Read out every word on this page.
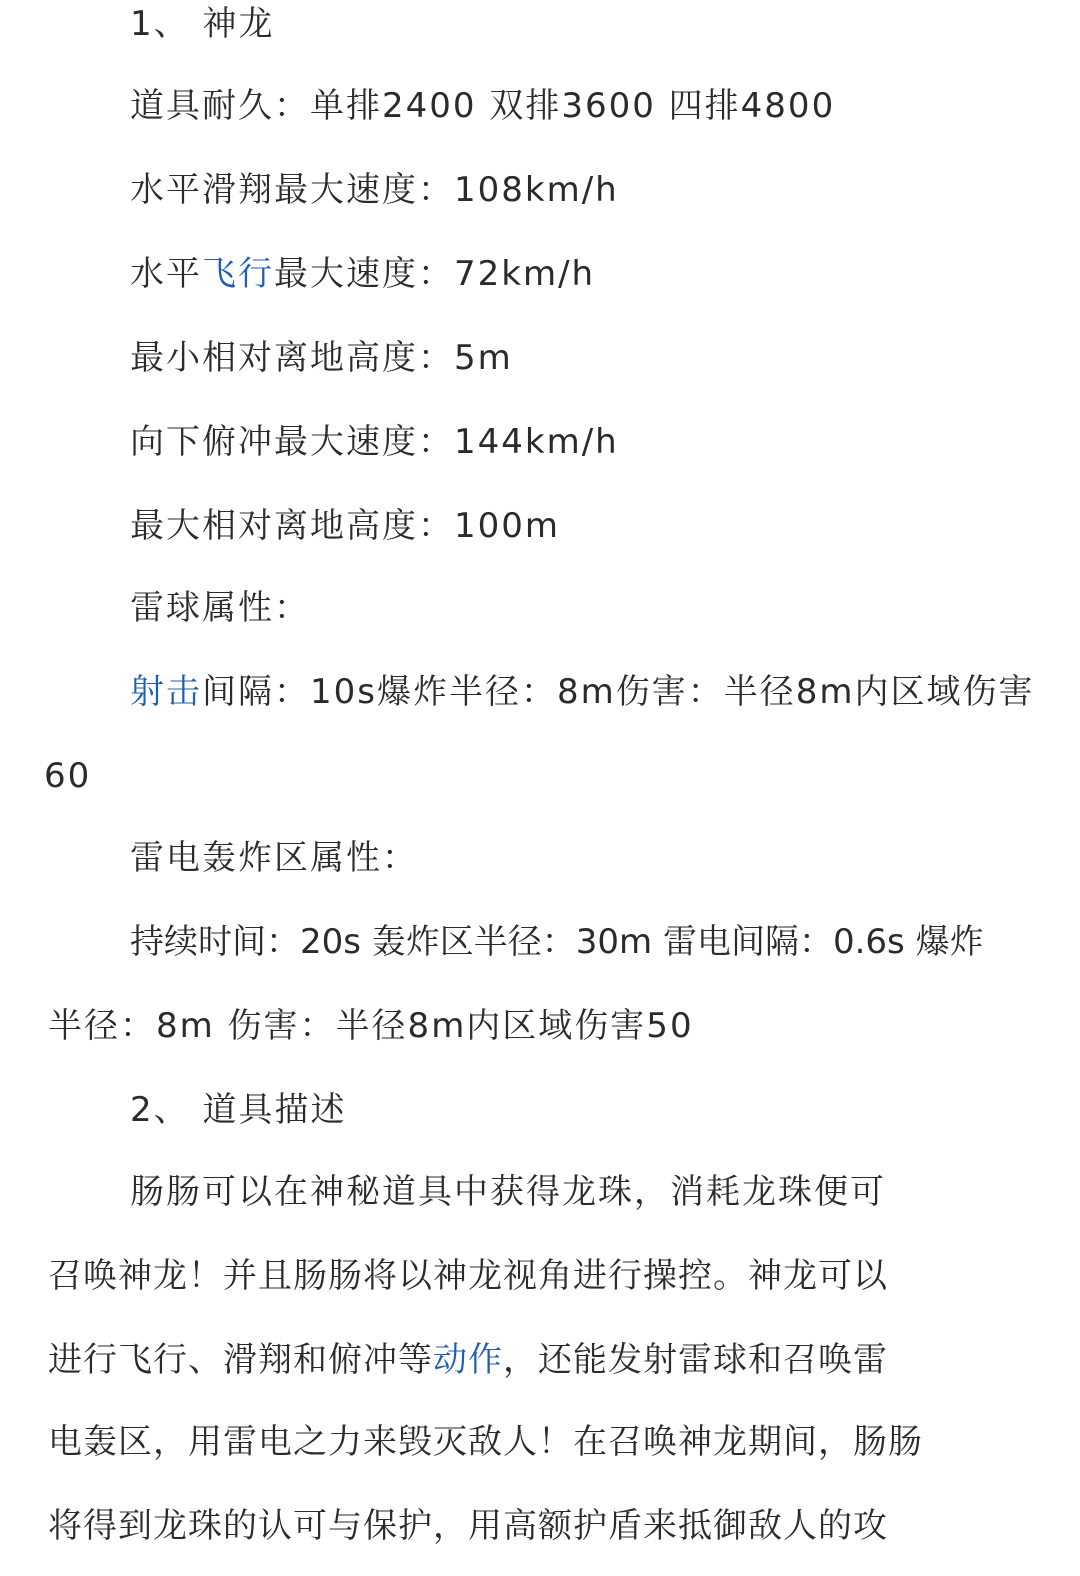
1、 神龙
道具耐久：单排2400 双排3600 四排4800
水平滑翔最大速度：108km/h
水平飞行最大速度：72km/h
最小相对离地高度：5m
向下俯冲最大速度：144km/h
最大相对离地高度：100m
雷球属性：
射击间隔：10s爆炸半径：8m伤害：半径8m内区域伤害
60
雷电轰炸区属性：
持续时间：20s 轰炸区半径：30m 雷电间隔：0.6s 爆炸
半径：8m 伤害：半径8m内区域伤害50
2、 道具描述
肠肠可以在神秘道具中获得龙珠，消耗龙珠便可
召唤神龙！并且肠肠将以神龙视角进行操控。神龙可以
进行飞行、滑翔和俯冲等动作，还能发射雷球和召唤雷
电轰区，用雷电之力来毁灭敌人！在召唤神龙期间，肠肠
将得到龙珠的认可与保护，用高额护盾来抵御敌人的攻
